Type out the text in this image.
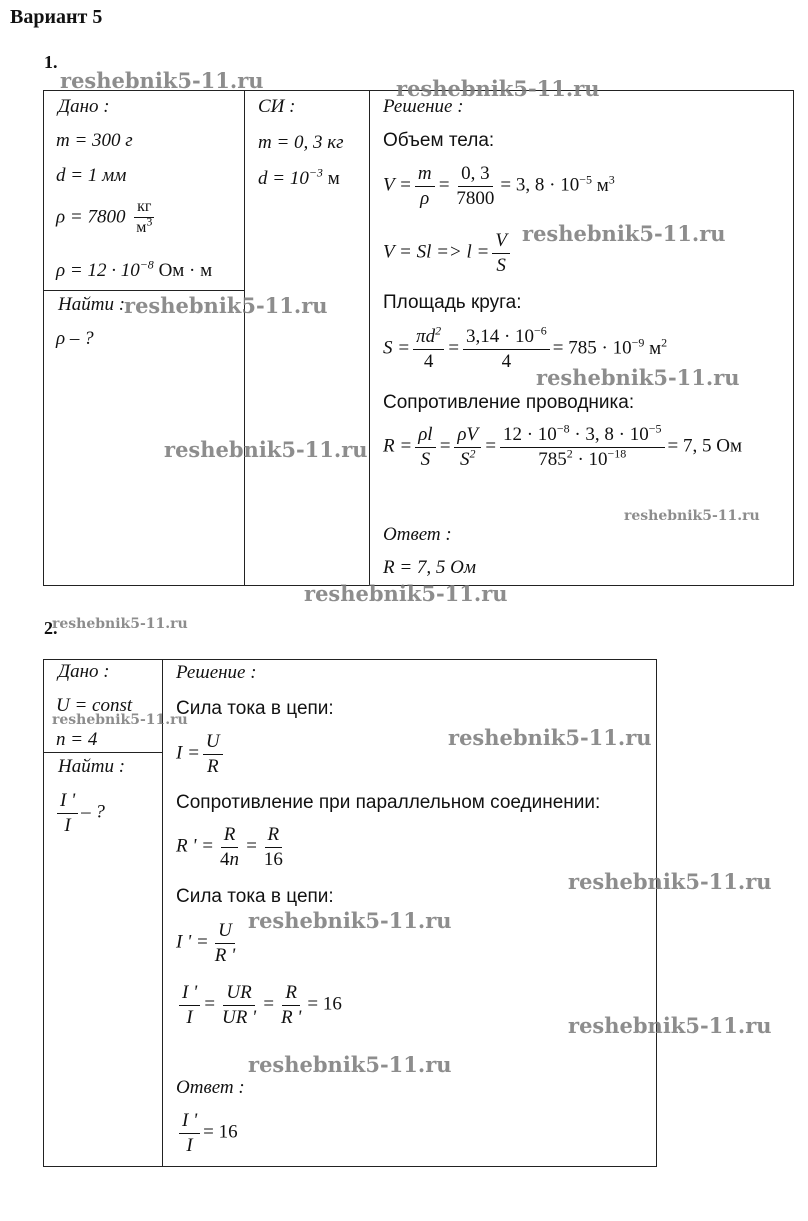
Вариант 5
1.
Дано :
m = 300 г
d = 1 мм
$\rho = 7800 \frac{кг}{м^3}$
$\rho = 12 \cdot 10^{-8}$ Ом · м
Найти :
ρ – ?
СИ :
m = 0, 3 кг
$d = 10^{-3}$ м
Решение :
Объем тела:
$V = \frac{m}{\rho} = \frac{0, 3}{7800} = 3$, $8 \cdot 10^{-5}$ $м^3$
$V = Sl => l = \frac{V}{S}$
Площадь круга:
$S = \frac{\pi d^2}{4} = \frac{3,14 \cdot 10^{-6}}{4} = 785 \cdot 10^{-9}$ $м^2$
Сопротивление проводника:
$R = \frac{\rho l}{S} = \frac{\rho V}{S^2} = \frac{12 \cdot 10^{-8} \cdot 3, 8 \cdot 10^{-5}}{785^2 \cdot 10^{-18}} = 7$, 5 Ом
Ответ :
R = 7, 5 Ом
2.
Дано :
U = const
n = 4
Найти :
$\frac{I '}{I}$ – ?
Решение :
Сила тока в цепи:
$I = \frac{U}{R}$
Сопротивление при параллельном соединении:
R ' = $\frac{R}{4n} = \frac{R}{16}$
Сила тока в цепи:
I ' = $\frac{U}{R '}$
$\frac{I '}{I} = \frac{UR}{UR '} = \frac{R}{R '} = 16$
Ответ :
$\frac{I '}{I} = 16$
reshebnik5-11.ru	reshebnik5-11.ru
reshebnik5-11.ru
reshebnik5-11.ru
reshebnik5-11.ru
reshebnik5-11.ru
reshebnik5-11.ru
reshebnik5-11.ru
reshebnik5-11.ru
reshebnik5-11.ru
reshebnik5-11.ru
reshebnik5-11.ru
reshebnik5-11.ru
reshebnik5-11.ru
reshebnik5-11.ru
